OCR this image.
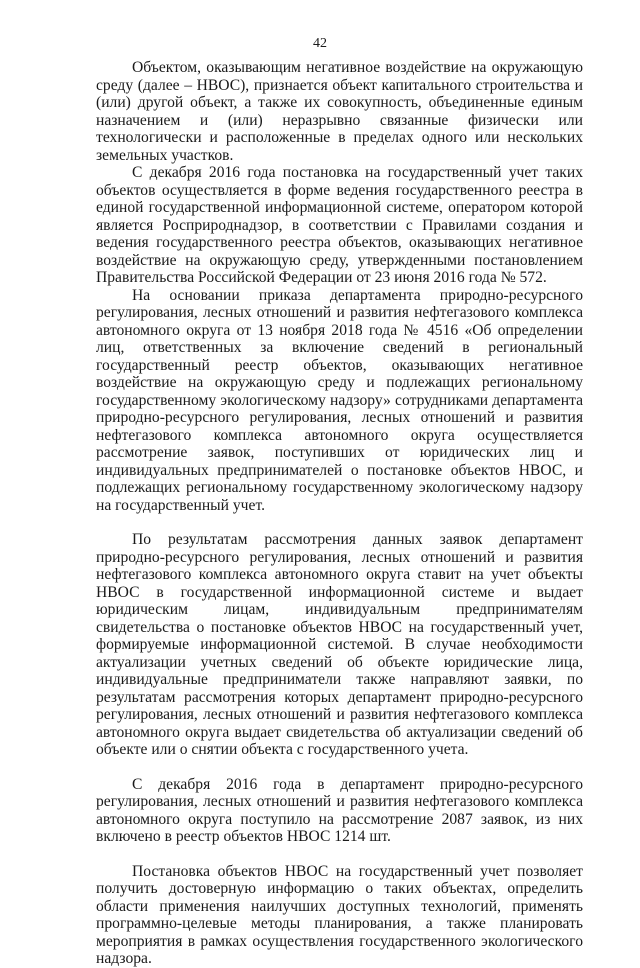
42

Объектом, оказывающим негативное воздействие на окружающую среду (далее – НВОС), признается объект капитального строительства и (или) другой объект, а также их совокупность, объединенные единым назначением и (или) неразрывно связанные физически или технологически и расположенные в пределах одного или нескольких земельных участков.

С декабря 2016 года постановка на государственный учет таких объектов осуществляется в форме ведения государственного реестра в единой государственной информационной системе, оператором которой является Росприроднадзор, в соответствии с Правилами создания и ведения государственного реестра объектов, оказывающих негативное воздействие на окружающую среду, утвержденными постановлением Правительства Российской Федерации от 23 июня 2016 года № 572.

На основании приказа департамента природно-ресурсного регулирования, лесных отношений и развития нефтегазового комплекса автономного округа от 13 ноября 2018 года № 4516 «Об определении лиц, ответственных за включение сведений в региональный государственный реестр объектов, оказывающих негативное воздействие на окружающую среду и подлежащих региональному государственному экологическому надзору» сотрудниками департамента природно-ресурсного регулирования, лесных отношений и развития нефтегазового комплекса автономного округа осуществляется рассмотрение заявок, поступивших от юридических лиц и индивидуальных предпринимателей о постановке объектов НВОС, и подлежащих региональному государственному экологическому надзору на государственный учет.

По результатам рассмотрения данных заявок департамент природно-ресурсного регулирования, лесных отношений и развития нефтегазового комплекса автономного округа ставит на учет объекты НВОС в государственной информационной системе и выдает юридическим лицам, индивидуальным предпринимателям свидетельства о постановке объектов НВОС на государственный учет, формируемые информационной системой. В случае необходимости актуализации учетных сведений об объекте юридические лица, индивидуальные предприниматели также направляют заявки, по результатам рассмотрения которых департамент природно-ресурсного регулирования, лесных отношений и развития нефтегазового комплекса автономного округа выдает свидетельства об актуализации сведений об объекте или о снятии объекта с государственного учета.

С декабря 2016 года в департамент природно-ресурсного регулирования, лесных отношений и развития нефтегазового комплекса автономного округа поступило на рассмотрение 2087 заявок, из них включено в реестр объектов НВОС 1214 шт.

Постановка объектов НВОС на государственный учет позволяет получить достоверную информацию о таких объектах, определить области применения наилучших доступных технологий, применять программно-целевые методы планирования, а также планировать мероприятия в рамках осуществления государственного экологического надзора.
